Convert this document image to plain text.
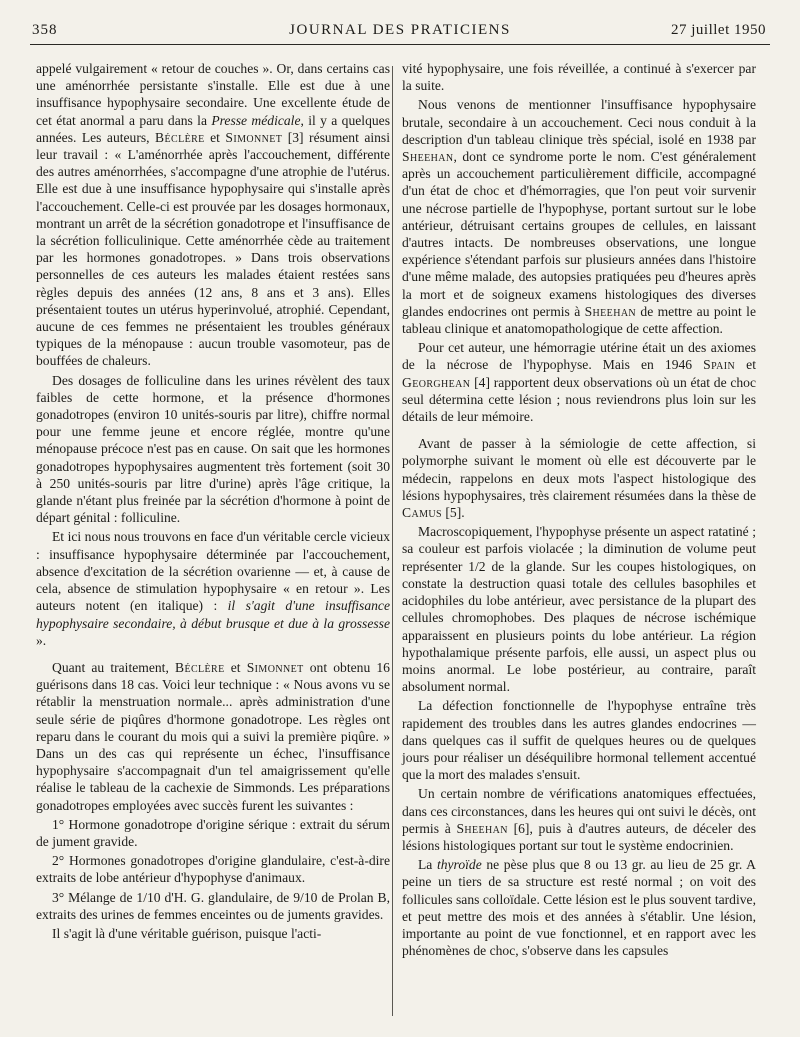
358	JOURNAL DES PRATICIENS	27 juillet 1950

appelé vulgairement « retour de couches ». Or, dans certains cas une aménorrhée persistante s'installe. Elle est due à une insuffisance hypophysaire secondaire. Une excellente étude de cet état anormal a paru dans la Presse médicale, il y a quelques années. Les auteurs, Béclère et Simonnet [3] résument ainsi leur travail : « L'aménorrhée après l'accouchement, différente des autres aménorrhées, s'accompagne d'une atrophie de l'utérus. Elle est due à une insuffisance hypophysaire qui s'installe après l'accouchement. Celle-ci est prouvée par les dosages hormonaux, montrant un arrêt de la sécrétion gonadotrope et l'insuffisance de la sécrétion folliculinique. Cette aménorrhée cède au traitement par les hormones gonadotropes. » Dans trois observations personnelles de ces auteurs les malades étaient restées sans règles depuis des années (12 ans, 8 ans et 3 ans). Elles présentaient toutes un utérus hyperinvolué, atrophié. Cependant, aucune de ces femmes ne présentaient les troubles généraux typiques de la ménopause : aucun trouble vasomoteur, pas de bouffées de chaleurs.

Des dosages de folliculine dans les urines révèlent des taux faibles de cette hormone, et la présence d'hormones gonadotropes (environ 10 unités-souris par litre), chiffre normal pour une femme jeune et encore réglée, montre qu'une ménopause précoce n'est pas en cause. On sait que les hormones gonadotropes hypophysaires augmentent très fortement (soit 30 à 250 unités-souris par litre d'urine) après l'âge critique, la glande n'étant plus freinée par la sécrétion d'hormone à point de départ génital : folliculine.

Et ici nous nous trouvons en face d'un véritable cercle vicieux : insuffisance hypophysaire déterminée par l'accouchement, absence d'excitation de la sécrétion ovarienne — et, à cause de cela, absence de stimulation hypophysaire « en retour ». Les auteurs notent (en italique) : il s'agit d'une insuffisance hypophysaire secondaire, à début brusque et due à la grossesse ».

Quant au traitement, Béclère et Simonnet ont obtenu 16 guérisons dans 18 cas. Voici leur technique : « Nous avons vu se rétablir la menstruation normale... après administration d'une seule série de piqûres d'hormone gonadotrope. Les règles ont reparu dans le courant du mois qui a suivi la première piqûre. » Dans un des cas qui représente un échec, l'insuffisance hypophysaire s'accompagnait d'un tel amaigrissement qu'elle réalise le tableau de la cachexie de Simmonds. Les préparations gonadotropes employées avec succès furent les suivantes :

1° Hormone gonadotrope d'origine sérique : extrait du sérum de jument gravide.

2° Hormones gonadotropes d'origine glandulaire, c'est-à-dire extraits de lobe antérieur d'hypophyse d'animaux.

3° Mélange de 1/10 d'H. G. glandulaire, de 9/10 de Prolan B, extraits des urines de femmes enceintes ou de juments gravides.

Il s'agit là d'une véritable guérison, puisque l'acti-

vité hypophysaire, une fois réveillée, a continué à s'exercer par la suite.

Nous venons de mentionner l'insuffisance hypophysaire brutale, secondaire à un accouchement. Ceci nous conduit à la description d'un tableau clinique très spécial, isolé en 1938 par Sheehan, dont ce syndrome porte le nom. C'est généralement après un accouchement particulièrement difficile, accompagné d'un état de choc et d'hémorragies, que l'on peut voir survenir une nécrose partielle de l'hypophyse, portant surtout sur le lobe antérieur, détruisant certains groupes de cellules, en laissant d'autres intacts. De nombreuses observations, une longue expérience s'étendant parfois sur plusieurs années dans l'histoire d'une même malade, des autopsies pratiquées peu d'heures après la mort et de soigneux examens histologiques des diverses glandes endocrines ont permis à Sheehan de mettre au point le tableau clinique et anatomopathologique de cette affection.

Pour cet auteur, une hémorragie utérine était un des axiomes de la nécrose de l'hypophyse. Mais en 1946 Spain et Georghean [4] rapportent deux observations où un état de choc seul détermina cette lésion ; nous reviendrons plus loin sur les détails de leur mémoire.

Avant de passer à la sémiologie de cette affection, si polymorphe suivant le moment où elle est découverte par le médecin, rappelons en deux mots l'aspect histologique des lésions hypophysaires, très clairement résumées dans la thèse de Camus [5].

Macroscopiquement, l'hypophyse présente un aspect ratatiné ; sa couleur est parfois violacée ; la diminution de volume peut représenter 1/2 de la glande. Sur les coupes histologiques, on constate la destruction quasi totale des cellules basophiles et acidophiles du lobe antérieur, avec persistance de la plupart des cellules chromophobes. Des plaques de nécrose ischémique apparaissent en plusieurs points du lobe antérieur. La région hypothalamique présente parfois, elle aussi, un aspect plus ou moins anormal. Le lobe postérieur, au contraire, paraît absolument normal.

La défection fonctionnelle de l'hypophyse entraîne très rapidement des troubles dans les autres glandes endocrines — dans quelques cas il suffit de quelques heures ou de quelques jours pour réaliser un déséquilibre hormonal tellement accentué que la mort des malades s'ensuit.

Un certain nombre de vérifications anatomiques effectuées, dans ces circonstances, dans les heures qui ont suivi le décès, ont permis à Sheehan [6], puis à d'autres auteurs, de déceler des lésions histologiques portant sur tout le système endocrinien.

La thyroïde ne pèse plus que 8 ou 13 gr. au lieu de 25 gr. A peine un tiers de sa structure est resté normal ; on voit des follicules sans colloïdale. Cette lésion est le plus souvent tardive, et peut mettre des mois et des années à s'établir. Une lésion, importante au point de vue fonctionnel, et en rapport avec les phénomènes de choc, s'observe dans les capsules
